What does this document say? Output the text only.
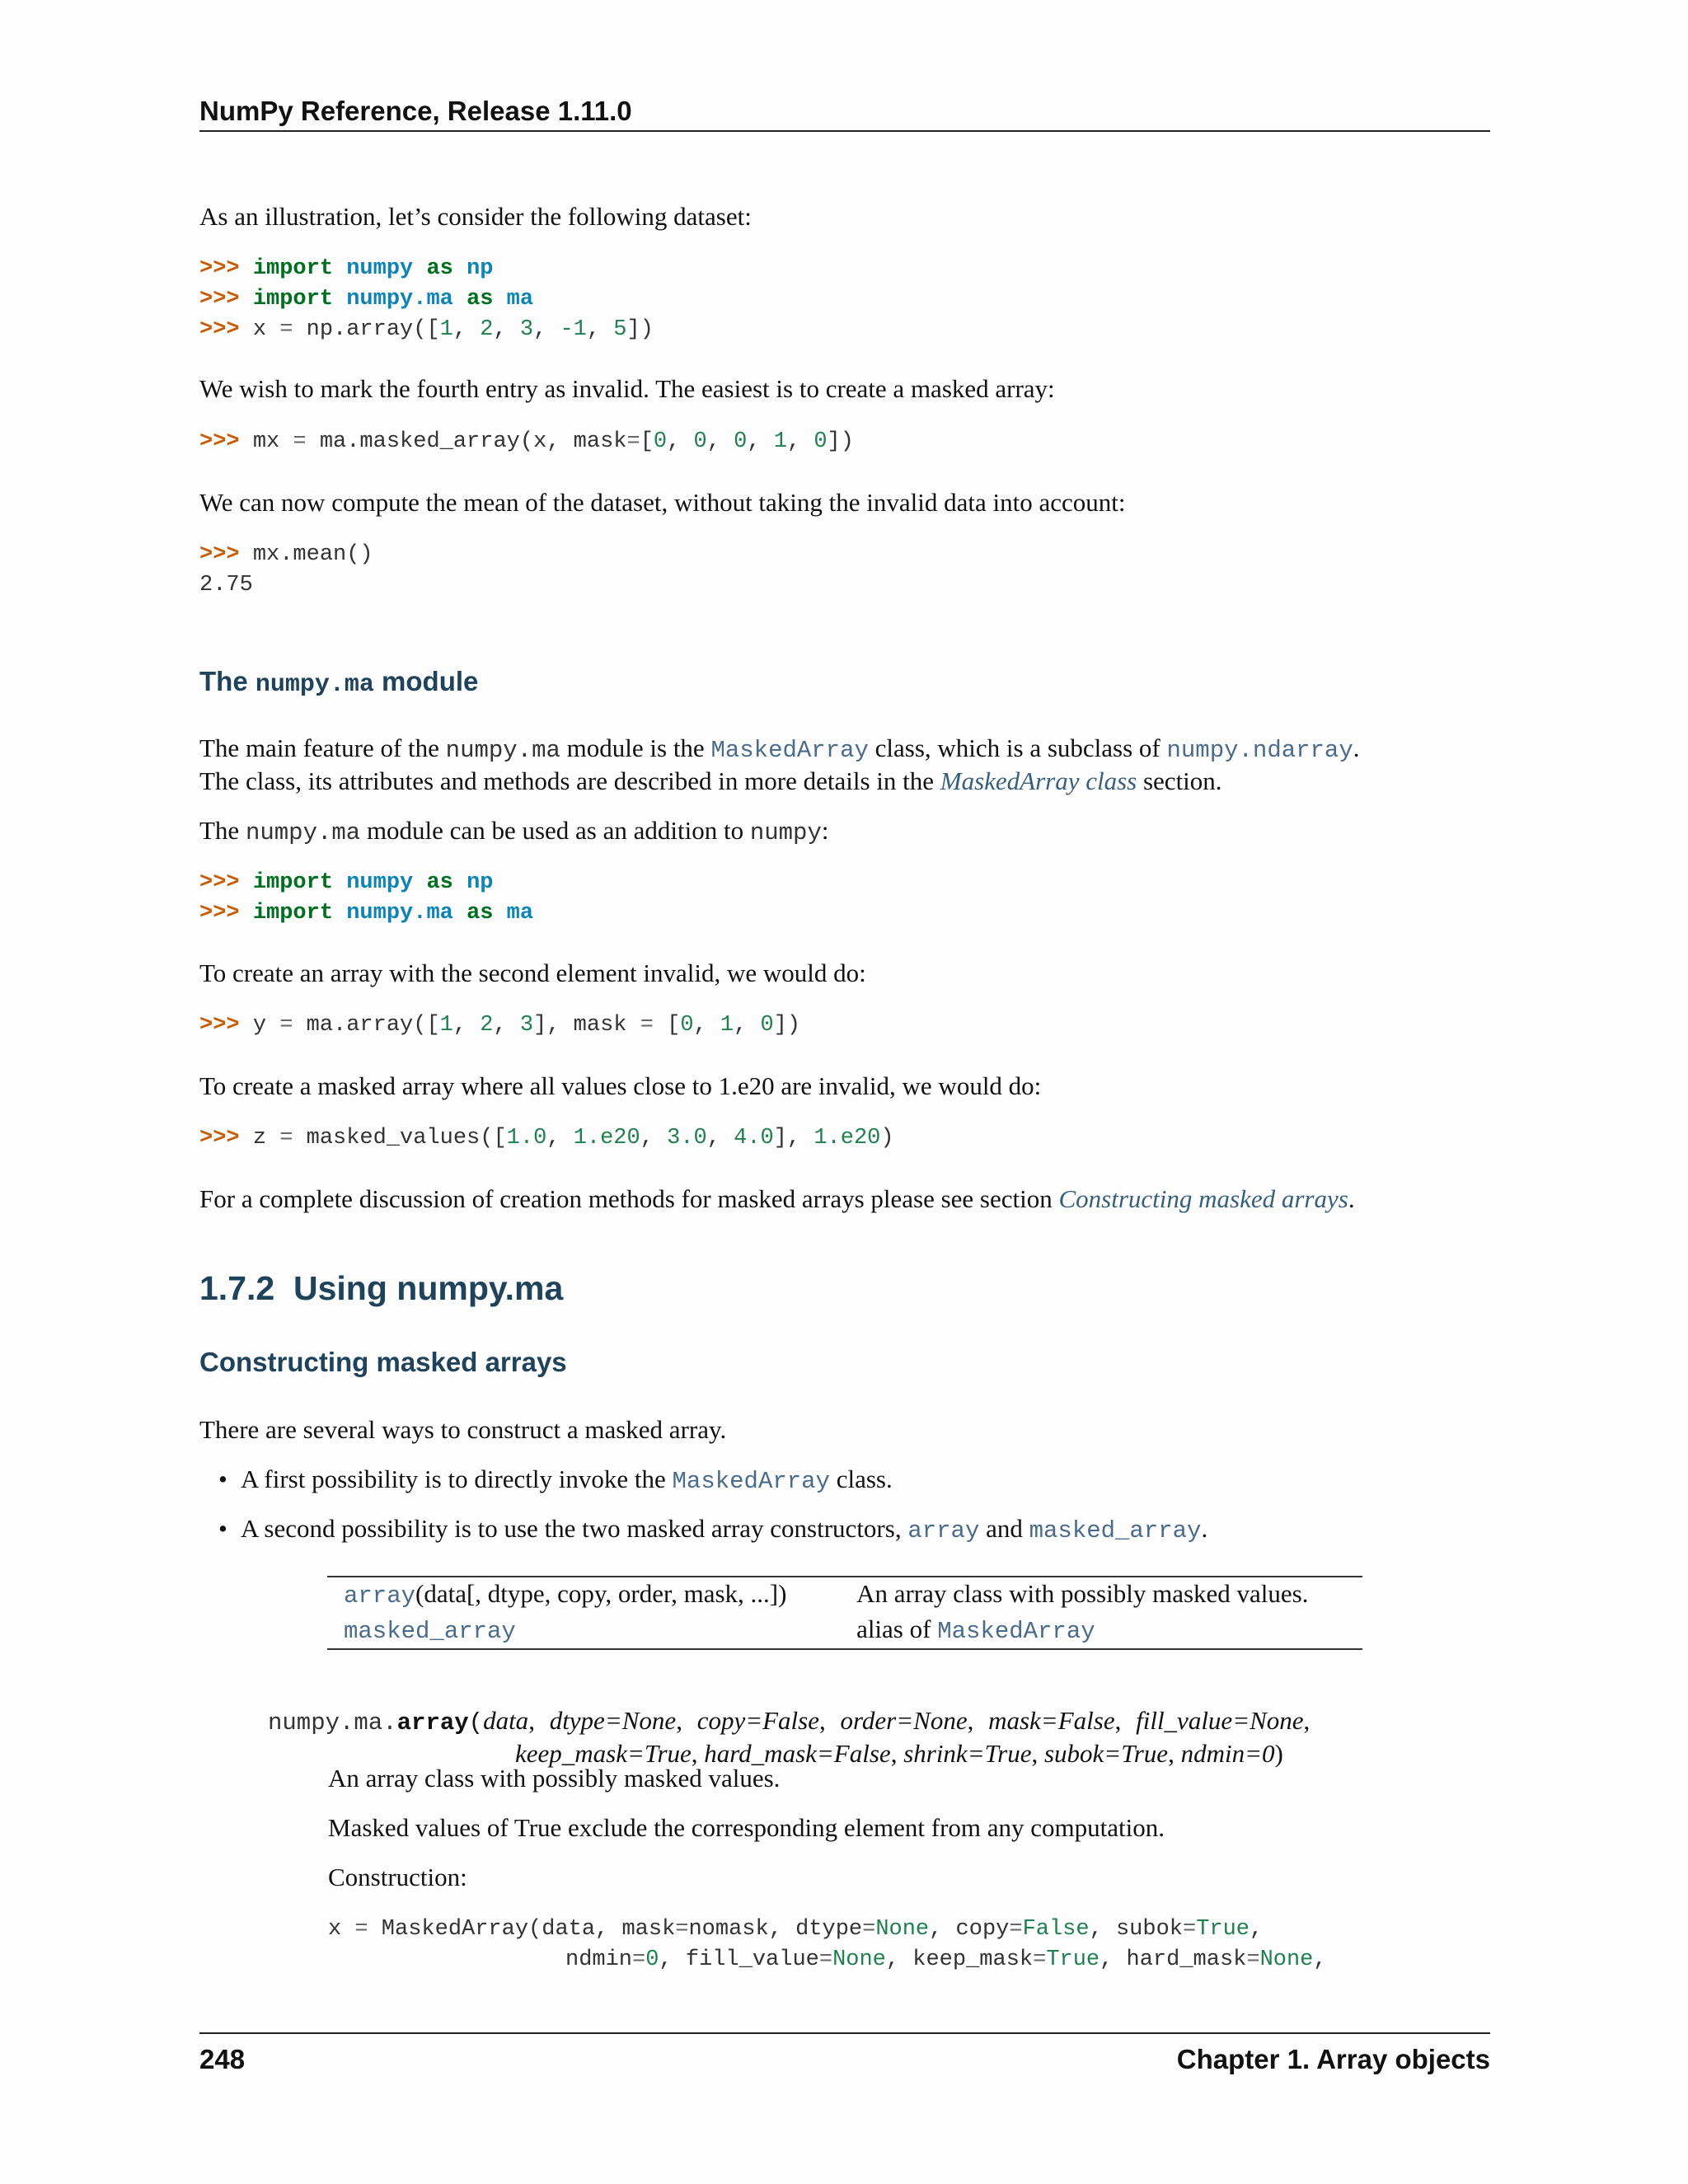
NumPy Reference, Release 1.11.0
As an illustration, let’s consider the following dataset:
>>> import numpy as np
>>> import numpy.ma as ma
>>> x = np.array([1, 2, 3, -1, 5])
We wish to mark the fourth entry as invalid. The easiest is to create a masked array:
>>> mx = ma.masked_array(x, mask=[0, 0, 0, 1, 0])
We can now compute the mean of the dataset, without taking the invalid data into account:
>>> mx.mean()
2.75
The numpy.ma module
The main feature of the numpy.ma module is the MaskedArray class, which is a subclass of numpy.ndarray.
The class, its attributes and methods are described in more details in the MaskedArray class section.
The numpy.ma module can be used as an addition to numpy:
>>> import numpy as np
>>> import numpy.ma as ma
To create an array with the second element invalid, we would do:
>>> y = ma.array([1, 2, 3], mask = [0, 1, 0])
To create a masked array where all values close to 1.e20 are invalid, we would do:
>>> z = masked_values([1.0, 1.e20, 3.0, 4.0], 1.e20)
For a complete discussion of creation methods for masked arrays please see section Constructing masked arrays.
1.7.2 Using numpy.ma
Constructing masked arrays
There are several ways to construct a masked array.
• A first possibility is to directly invoke the MaskedArray class.
• A second possibility is to use the two masked array constructors, array and masked_array.
array(data[, dtype, copy, order, mask, ...])	An array class with possibly masked values.
masked_array	alias of MaskedArray
numpy.ma.array(data, dtype=None, copy=False, order=None, mask=False, fill_value=None,
keep_mask=True, hard_mask=False, shrink=True, subok=True, ndmin=0)
An array class with possibly masked values.
Masked values of True exclude the corresponding element from any computation.
Construction:
x = MaskedArray(data, mask=nomask, dtype=None, copy=False, subok=True,
ndmin=0, fill_value=None, keep_mask=True, hard_mask=None,
248	Chapter 1. Array objects
